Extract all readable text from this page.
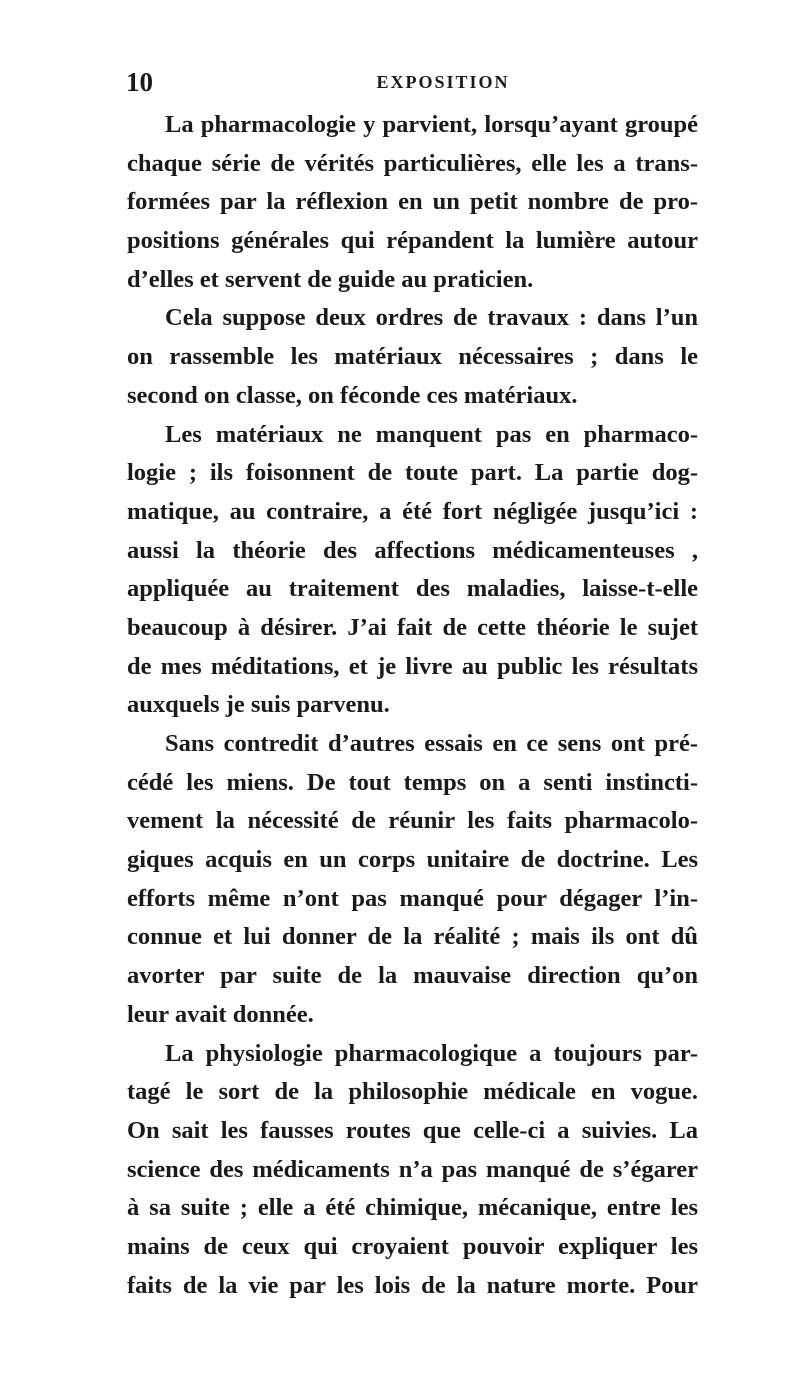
10	EXPOSITION
La pharmacologie y parvient, lorsqu’ayant groupé
chaque série de vérités particulières, elle les a trans-
formées par la réflexion en un petit nombre de pro-
positions générales qui répandent la lumière autour
d’elles et servent de guide au praticien.
Cela suppose deux ordres de travaux : dans l’un
on rassemble les matériaux nécessaires ; dans le
second on classe, on féconde ces matériaux.
Les matériaux ne manquent pas en pharmaco-
logie ; ils foisonnent de toute part. La partie dog-
matique, au contraire, a été fort négligée jusqu’ici :
aussi la théorie des affections médicamenteuses ,
appliquée au traitement des maladies, laisse-t-elle
beaucoup à désirer. J’ai fait de cette théorie le sujet
de mes méditations, et je livre au public les résultats
auxquels je suis parvenu.
Sans contredit d’autres essais en ce sens ont pré-
cédé les miens. De tout temps on a senti instincti-
vement la nécessité de réunir les faits pharmacolo-
giques acquis en un corps unitaire de doctrine. Les
efforts même n’ont pas manqué pour dégager l’in-
connue et lui donner de la réalité ; mais ils ont dû
avorter par suite de la mauvaise direction qu’on
leur avait donnée.
La physiologie pharmacologique a toujours par-
tagé le sort de la philosophie médicale en vogue.
On sait les fausses routes que celle-ci a suivies. La
science des médicaments n’a pas manqué de s’égarer
à sa suite ; elle a été chimique, mécanique, entre les
mains de ceux qui croyaient pouvoir expliquer les
faits de la vie par les lois de la nature morte. Pour
